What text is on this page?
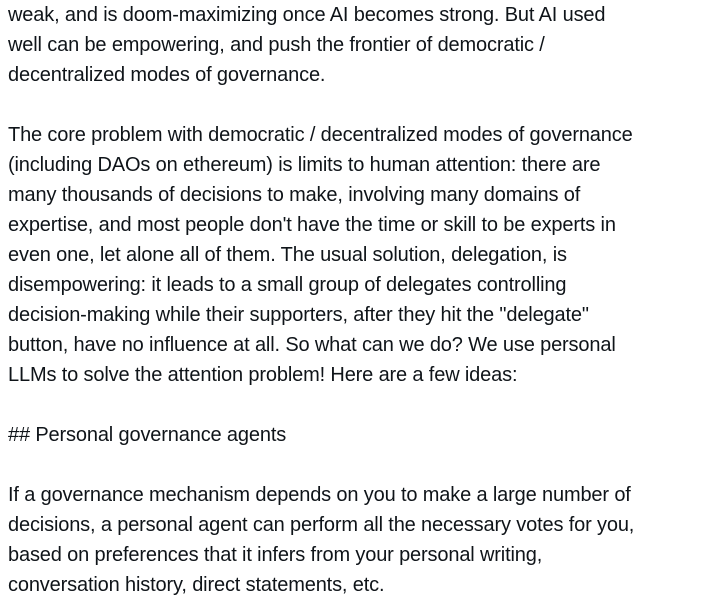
weak, and is doom-maximizing once AI becomes strong. But AI used
well can be empowering, and push the frontier of democratic /
decentralized modes of governance.
The core problem with democratic / decentralized modes of governance
(including DAOs on ethereum) is limits to human attention: there are
many thousands of decisions to make, involving many domains of
expertise, and most people don't have the time or skill to be experts in
even one, let alone all of them. The usual solution, delegation, is
disempowering: it leads to a small group of delegates controlling
decision-making while their supporters, after they hit the "delegate"
button, have no influence at all. So what can we do? We use personal
LLMs to solve the attention problem! Here are a few ideas:
## Personal governance agents
If a governance mechanism depends on you to make a large number of
decisions, a personal agent can perform all the necessary votes for you,
based on preferences that it infers from your personal writing,
conversation history, direct statements, etc.
